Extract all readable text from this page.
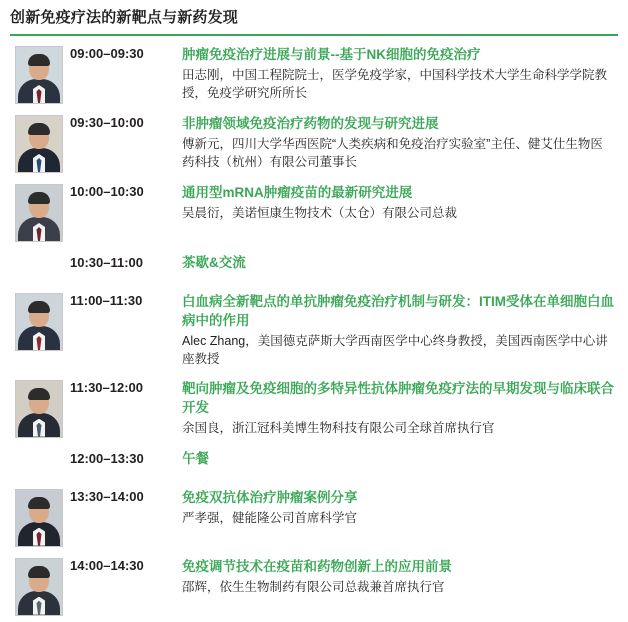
创新免疫疗法的新靶点与新药发现
09:00–09:30	肿瘤免疫治疗进展与前景--基于NK细胞的免疫治疗
田志刚，中国工程院院士，医学免疫学家，中国科学技术大学生命科学学院教授，免疫学研究所所长
09:30–10:00	非肿瘤领域免疫治疗药物的发现与研究进展
傅新元，四川大学华西医院“人类疾病和免疫治疗实验室”主任、健艾仕生物医药科技（杭州）有限公司董事长
10:00–10:30	通用型mRNA肿瘤疫苗的最新研究进展
吴晨衍，美诺恒康生物技术（太仓）有限公司总裁
10:30–11:00	茶歇&交流
11:00–11:30	白血病全新靶点的单抗肿瘤免疫治疗机制与研发：ITIM受体在单细胞白血病中的作用
Alec Zhang，美国德克萨斯大学西南医学中心终身教授，美国西南医学中心讲座教授
11:30–12:00	靶向肿瘤及免疫细胞的多特异性抗体肿瘤免疫疗法的早期发现与临床联合开发
余国良，浙江冠科美博生物科技有限公司全球首席执行官
12:00–13:30	午餐
13:30–14:00	免疫双抗体治疗肿瘤案例分享
严孝强，健能隆公司首席科学官
14:00–14:30	免疫调节技术在疫苗和药物创新上的应用前景
邵辉，依生生物制药有限公司总裁兼首席执行官
